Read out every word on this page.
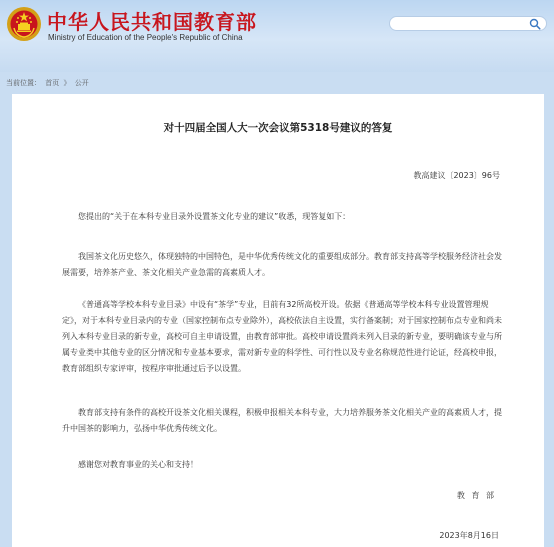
中华人民共和国教育部
Ministry of Education of the People's Republic of China
当前位置： 首页 》 公开
对十四届全国人大一次会议第5318号建议的答复
教高建议〔2023〕96号
您提出的“关于在本科专业目录外设置茶文化专业的建议”收悉，现答复如下：
我国茶文化历史悠久，体现独特的中国特色，是中华优秀传统文化的重要组成部分。教育部支持高等学校服务经济社会发展需要，培养茶产业、茶文化相关产业急需的高素质人才。
《普通高等学校本科专业目录》中设有“茶学”专业，目前有32所高校开设。依据《普通高等学校本科专业设置管理规定》，对于本科专业目录内的专业（国家控制布点专业除外），高校依法自主设置，实行备案制；对于国家控制布点专业和尚未列入本科专业目录的新专业，高校可自主申请设置，由教育部审批。高校申请设置尚未列入目录的新专业，要明确该专业与所属专业类中其他专业的区分情况和专业基本要求，需对新专业的科学性、可行性以及专业名称规范性进行论证，经高校申报，教育部组织专家评审，按程序审批通过后予以设置。
教育部支持有条件的高校开设茶文化相关课程，积极申报相关本科专业，大力培养服务茶文化相关产业的高素质人才，提升中国茶的影响力，弘扬中华优秀传统文化。
感谢您对教育事业的关心和支持！
教 育 部
2023年8月16日
